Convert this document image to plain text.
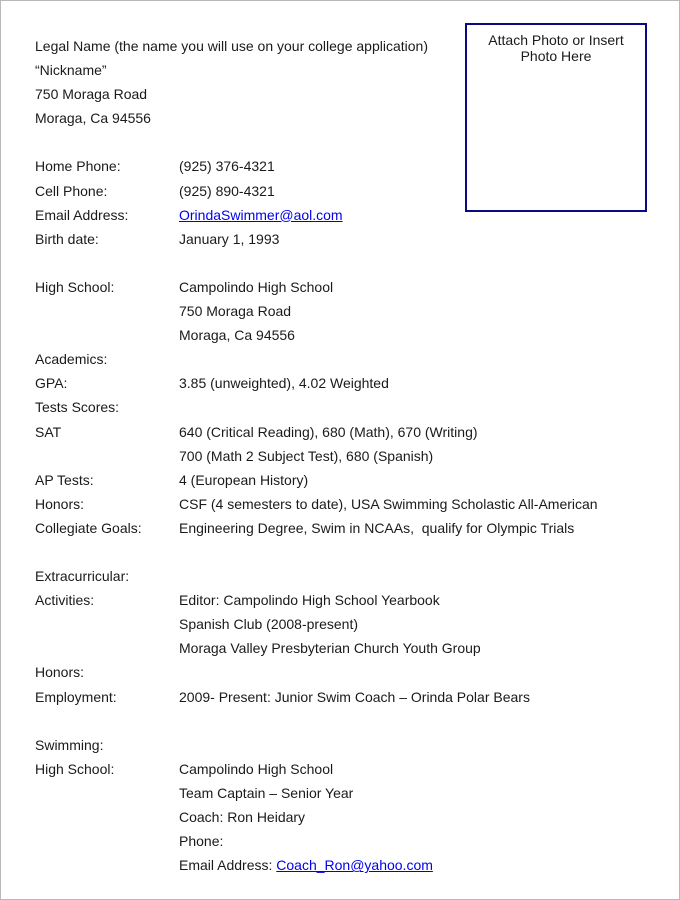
Attach Photo or Insert Photo Here
Legal Name (the name you will use on your college application)
“Nickname”
750 Moraga Road
Moraga, Ca 94556
Home Phone:	(925) 376-4321
Cell Phone:	(925) 890-4321
Email Address:	OrindaSwimmer@aol.com
Birth date:	January 1, 1993
High School:	Campolindo High School
750 Moraga Road
Moraga, Ca 94556
Academics:
GPA:	3.85 (unweighted), 4.02 Weighted
Tests Scores:
SAT	640 (Critical Reading), 680 (Math), 670 (Writing)
700 (Math 2 Subject Test), 680 (Spanish)
AP Tests:	4 (European History)
Honors:	CSF (4 semesters to date), USA Swimming Scholastic All-American
Collegiate Goals:	Engineering Degree, Swim in NCAAs,  qualify for Olympic Trials
Extracurricular:
Activities:	Editor: Campolindo High School Yearbook
Spanish Club (2008-present)
Moraga Valley Presbyterian Church Youth Group
Honors:
Employment:	2009- Present: Junior Swim Coach – Orinda Polar Bears
Swimming:
High School:	Campolindo High School
Team Captain – Senior Year
Coach: Ron Heidary
Phone:
Email Address: Coach_Ron@yahoo.com
